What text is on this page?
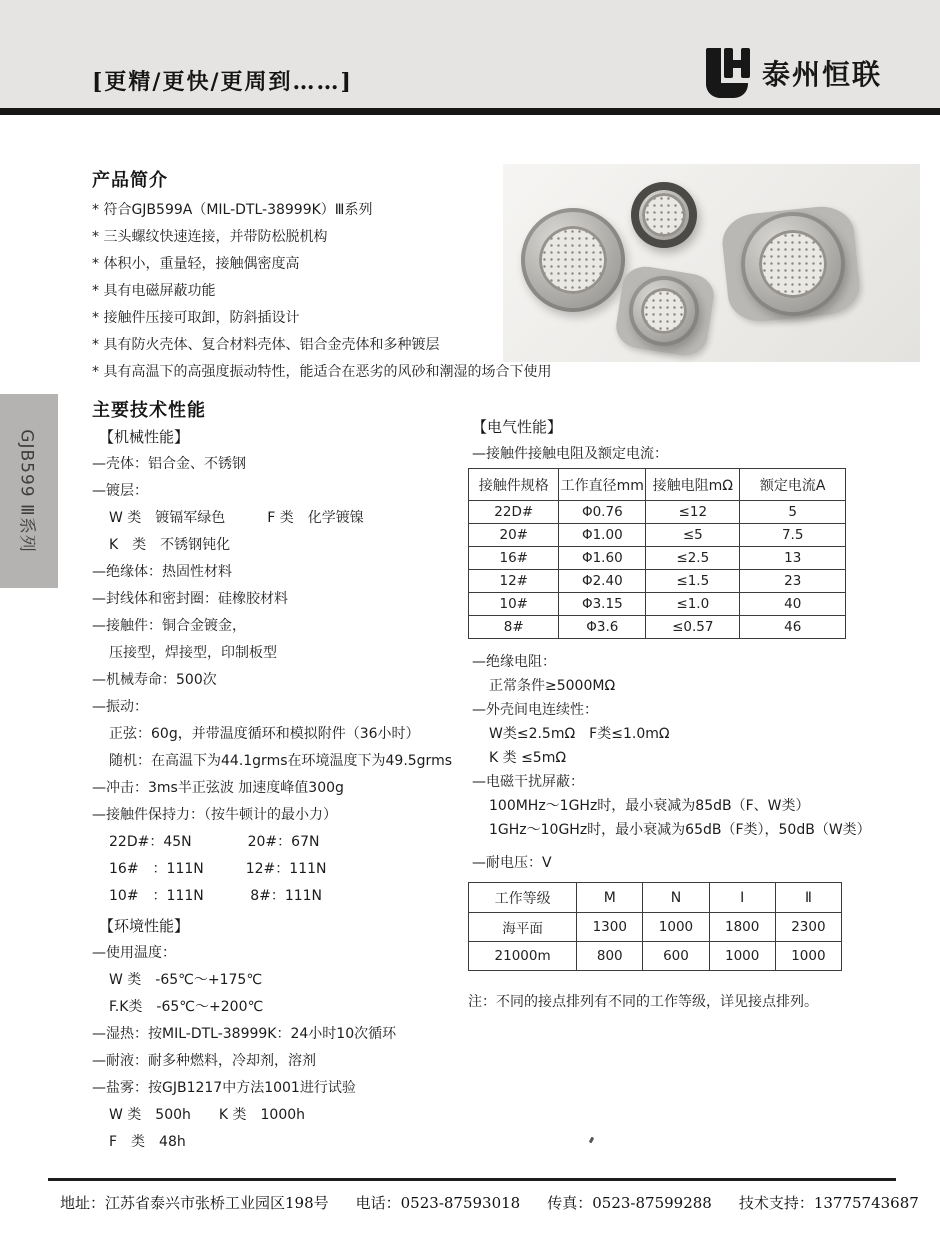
[更精/更快/更周到……]	泰州恒联
GJB599 Ⅲ系列
产品简介
* 符合GJB599A（MIL-DTL-38999K）Ⅲ系列
* 三头螺纹快速连接，并带防松脱机构
* 体积小，重量轻，接触偶密度高
* 具有电磁屏蔽功能
* 接触件压接可取卸，防斜插设计
* 具有防火壳体、复合材料壳体、铝合金壳体和多种镀层
* 具有高温下的高强度振动特性，能适合在恶劣的风砂和潮湿的场合下使用
主要技术性能
【机械性能】
—壳体：铝合金、不锈钢
—镀层：
W 类　镀镉军绿色　　　F 类　化学镀镍
K　类　不锈钢钝化
—绝缘体：热固性材料
—封线体和密封圈：硅橡胶材料
—接触件：铜合金镀金，
压接型，焊接型，印制板型
—机械寿命：500次
—振动：
正弦：60g，并带温度循环和模拟附件（36小时）
随机：在高温下为44.1grms在环境温度下为49.5grms
—冲击：3ms半正弦波 加速度峰值300g
—接触件保持力：（按牛顿计的最小力）
22D#：45N　　　　20#：67N
16#　：111N　　　12#：111N
10#　：111N　　　 8#：111N
【环境性能】
—使用温度：
W 类　-65℃～+175℃
F.K类　-65℃～+200℃
—湿热：按MIL-DTL-38999K：24小时10次循环
—耐液：耐多种燃料，冷却剂，溶剂
—盐雾：按GJB1217中方法1001进行试验
W 类　500h　　K 类　1000h
F　类　48h
【电气性能】
—接触件接触电阻及额定电流：
接触件规格	工作直径mm	接触电阻mΩ	额定电流A
22D#	Φ0.76	≤12	5
20#	Φ1.00	≤5	7.5
16#	Φ1.60	≤2.5	13
12#	Φ2.40	≤1.5	23
10#	Φ3.15	≤1.0	40
8#	Φ3.6	≤0.57	46
—绝缘电阻：
正常条件≥5000MΩ
—外壳间电连续性：
W类≤2.5mΩ　F类≤1.0mΩ
K 类 ≤5mΩ
—电磁干扰屏蔽：
100MHz～1GHz时，最小衰减为85dB（F、W类）
1GHz～10GHz时，最小衰减为65dB（F类），50dB（W类）
—耐电压：V
工作等级	M	N	I	Ⅱ
海平面	1300	1000	1800	2300
21000m	800	600	1000	1000
注：不同的接点排列有不同的工作等级，详见接点排列。
地址：江苏省泰兴市张桥工业园区198号 电话：0523-87593018 传真：0523-87599288 技术支持：13775743687
